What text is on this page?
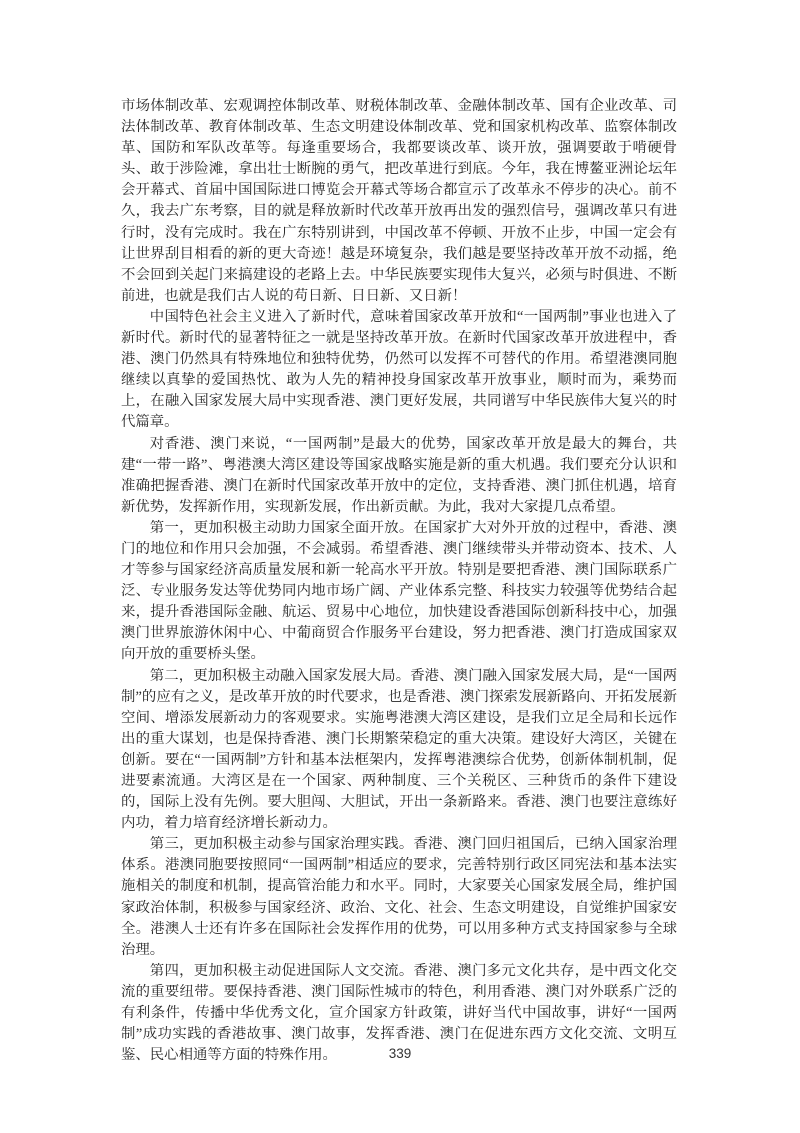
市场体制改革、宏观调控体制改革、财税体制改革、金融体制改革、国有企业改革、司法体制改革、教育体制改革、生态文明建设体制改革、党和国家机构改革、监察体制改革、国防和军队改革等。每逢重要场合，我都要谈改革、谈开放，强调要敢于啃硬骨头、敢于涉险滩，拿出壮士断腕的勇气，把改革进行到底。今年，我在博鳌亚洲论坛年会开幕式、首届中国国际进口博览会开幕式等场合都宣示了改革永不停步的决心。前不久，我去广东考察，目的就是释放新时代改革开放再出发的强烈信号，强调改革只有进行时，没有完成时。我在广东特别讲到，中国改革不停顿、开放不止步，中国一定会有让世界刮目相看的新的更大奇迹！越是环境复杂，我们越是要坚持改革开放不动摇，绝不会回到关起门来搞建设的老路上去。中华民族要实现伟大复兴，必须与时俱进、不断前进，也就是我们古人说的苟日新、日日新、又日新！

中国特色社会主义进入了新时代，意味着国家改革开放和“一国两制”事业也进入了新时代。新时代的显著特征之一就是坚持改革开放。在新时代国家改革开放进程中，香港、澳门仍然具有特殊地位和独特优势，仍然可以发挥不可替代的作用。希望港澳同胞继续以真挚的爱国热忱、敢为人先的精神投身国家改革开放事业，顺时而为，乘势而上，在融入国家发展大局中实现香港、澳门更好发展，共同谱写中华民族伟大复兴的时代篇章。

对香港、澳门来说，“一国两制”是最大的优势，国家改革开放是最大的舞台，共建“一带一路”、粤港澳大湾区建设等国家战略实施是新的重大机遇。我们要充分认识和准确把握香港、澳门在新时代国家改革开放中的定位，支持香港、澳门抓住机遇，培育新优势，发挥新作用，实现新发展，作出新贡献。为此，我对大家提几点希望。

第一，更加积极主动助力国家全面开放。在国家扩大对外开放的过程中，香港、澳门的地位和作用只会加强，不会减弱。希望香港、澳门继续带头并带动资本、技术、人才等参与国家经济高质量发展和新一轮高水平开放。特别是要把香港、澳门国际联系广泛、专业服务发达等优势同内地市场广阔、产业体系完整、科技实力较强等优势结合起来，提升香港国际金融、航运、贸易中心地位，加快建设香港国际创新科技中心，加强澳门世界旅游休闲中心、中葡商贸合作服务平台建设，努力把香港、澳门打造成国家双向开放的重要桥头堡。

第二，更加积极主动融入国家发展大局。香港、澳门融入国家发展大局，是“一国两制”的应有之义，是改革开放的时代要求，也是香港、澳门探索发展新路向、开拓发展新空间、增添发展新动力的客观要求。实施粤港澳大湾区建设，是我们立足全局和长远作出的重大谋划，也是保持香港、澳门长期繁荣稳定的重大决策。建设好大湾区，关键在创新。要在“一国两制”方针和基本法框架内，发挥粤港澳综合优势，创新体制机制，促进要素流通。大湾区是在一个国家、两种制度、三个关税区、三种货币的条件下建设的，国际上没有先例。要大胆闯、大胆试，开出一条新路来。香港、澳门也要注意练好内功，着力培育经济增长新动力。

第三，更加积极主动参与国家治理实践。香港、澳门回归祖国后，已纳入国家治理体系。港澳同胞要按照同“一国两制”相适应的要求，完善特别行政区同宪法和基本法实施相关的制度和机制，提高管治能力和水平。同时，大家要关心国家发展全局，维护国家政治体制，积极参与国家经济、政治、文化、社会、生态文明建设，自觉维护国家安全。港澳人士还有许多在国际社会发挥作用的优势，可以用多种方式支持国家参与全球治理。

第四，更加积极主动促进国际人文交流。香港、澳门多元文化共存，是中西文化交流的重要纽带。要保持香港、澳门国际性城市的特色，利用香港、澳门对外联系广泛的有利条件，传播中华优秀文化，宣介国家方针政策，讲好当代中国故事，讲好“一国两制”成功实践的香港故事、澳门故事，发挥香港、澳门在促进东西方文化交流、文明互鉴、民心相通等方面的特殊作用。	339
